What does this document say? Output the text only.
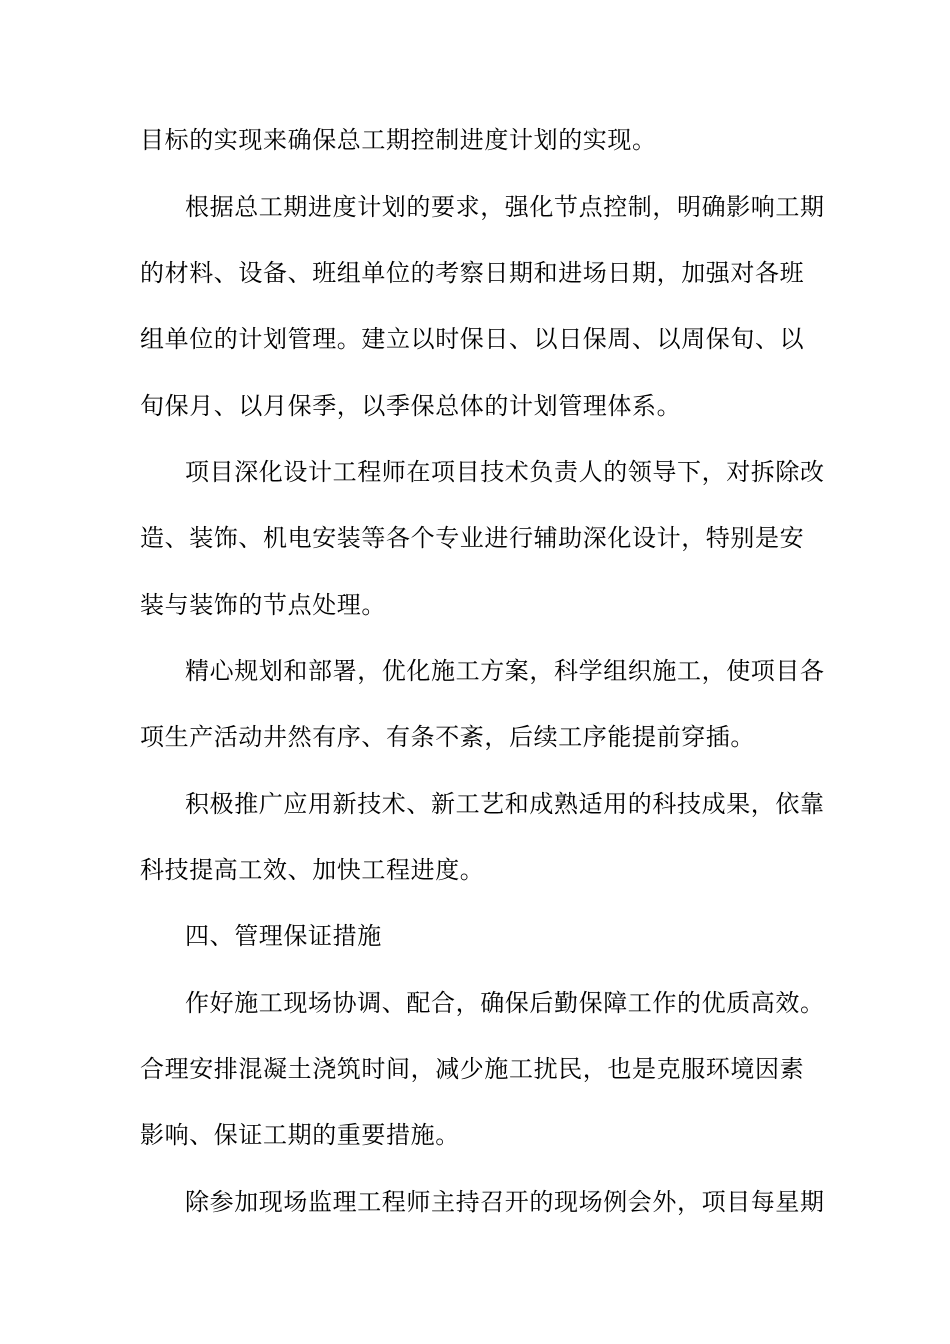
目标的实现来确保总工期控制进度计划的实现。
根据总工期进度计划的要求，强化节点控制，明确影响工期
的材料、设备、班组单位的考察日期和进场日期，加强对各班
组单位的计划管理。建立以时保日、以日保周、以周保旬、以
旬保月、以月保季，以季保总体的计划管理体系。
项目深化设计工程师在项目技术负责人的领导下，对拆除改
造、装饰、机电安装等各个专业进行辅助深化设计，特别是安
装与装饰的节点处理。
精心规划和部署，优化施工方案，科学组织施工，使项目各
项生产活动井然有序、有条不紊，后续工序能提前穿插。
积极推广应用新技术、新工艺和成熟适用的科技成果，依靠
科技提高工效、加快工程进度。
四、管理保证措施
作好施工现场协调、配合，确保后勤保障工作的优质高效。
合理安排混凝土浇筑时间，减少施工扰民，也是克服环境因素
影响、保证工期的重要措施。
除参加现场监理工程师主持召开的现场例会外，项目每星期
